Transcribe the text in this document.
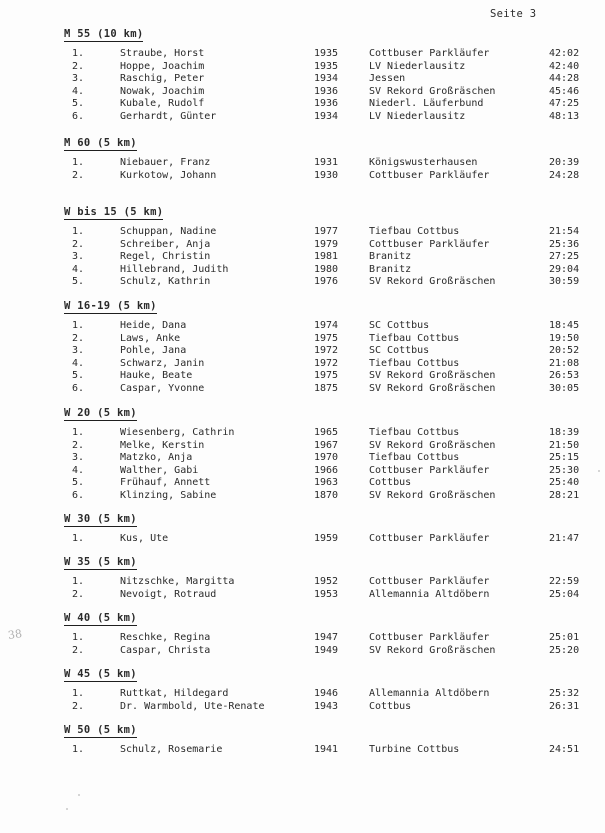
Seite 3
38
M 55 (10 km)
1.	Straube, Horst	1935	Cottbuser Parkläufer	42:02
2.	Hoppe, Joachim	1935	LV Niederlausitz	42:40
3.	Raschig, Peter	1934	Jessen	44:28
4.	Nowak, Joachim	1936	SV Rekord Großräschen	45:46
5.	Kubale, Rudolf	1936	Niederl. Läuferbund	47:25
6.	Gerhardt, Günter	1934	LV Niederlausitz	48:13
M 60 (5 km)
1.	Niebauer, Franz	1931	Königswusterhausen	20:39
2.	Kurkotow, Johann	1930	Cottbuser Parkläufer	24:28
W bis 15 (5 km)
1.	Schuppan, Nadine	1977	Tiefbau Cottbus	21:54
2.	Schreiber, Anja	1979	Cottbuser Parkläufer	25:36
3.	Regel, Christin	1981	Branitz	27:25
4.	Hillebrand, Judith	1980	Branitz	29:04
5.	Schulz, Kathrin	1976	SV Rekord Großräschen	30:59
W 16-19 (5 km)
1.	Heide, Dana	1974	SC Cottbus	18:45
2.	Laws, Anke	1975	Tiefbau Cottbus	19:50
3.	Pohle, Jana	1972	SC Cottbus	20:52
4.	Schwarz, Janin	1972	Tiefbau Cottbus	21:08
5.	Hauke, Beate	1975	SV Rekord Großräschen	26:53
6.	Caspar, Yvonne	1875	SV Rekord Großräschen	30:05
W 20 (5 km)
1.	Wiesenberg, Cathrin	1965	Tiefbau Cottbus	18:39
2.	Melke, Kerstin	1967	SV Rekord Großräschen	21:50
3.	Matzko, Anja	1970	Tiefbau Cottbus	25:15
4.	Walther, Gabi	1966	Cottbuser Parkläufer	25:30
5.	Frühauf, Annett	1963	Cottbus	25:40
6.	Klinzing, Sabine	1870	SV Rekord Großräschen	28:21
W 30 (5 km)
1.	Kus, Ute	1959	Cottbuser Parkläufer	21:47
W 35 (5 km)
1.	Nitzschke, Margitta	1952	Cottbuser Parkläufer	22:59
2.	Nevoigt, Rotraud	1953	Allemannia Altdöbern	25:04
W 40 (5 km)
1.	Reschke, Regina	1947	Cottbuser Parkläufer	25:01
2.	Caspar, Christa	1949	SV Rekord Großräschen	25:20
W 45 (5 km)
1.	Ruttkat, Hildegard	1946	Allemannia Altdöbern	25:32
2.	Dr. Warmbold, Ute-Renate	1943	Cottbus	26:31
W 50 (5 km)
1.	Schulz, Rosemarie	1941	Turbine Cottbus	24:51
